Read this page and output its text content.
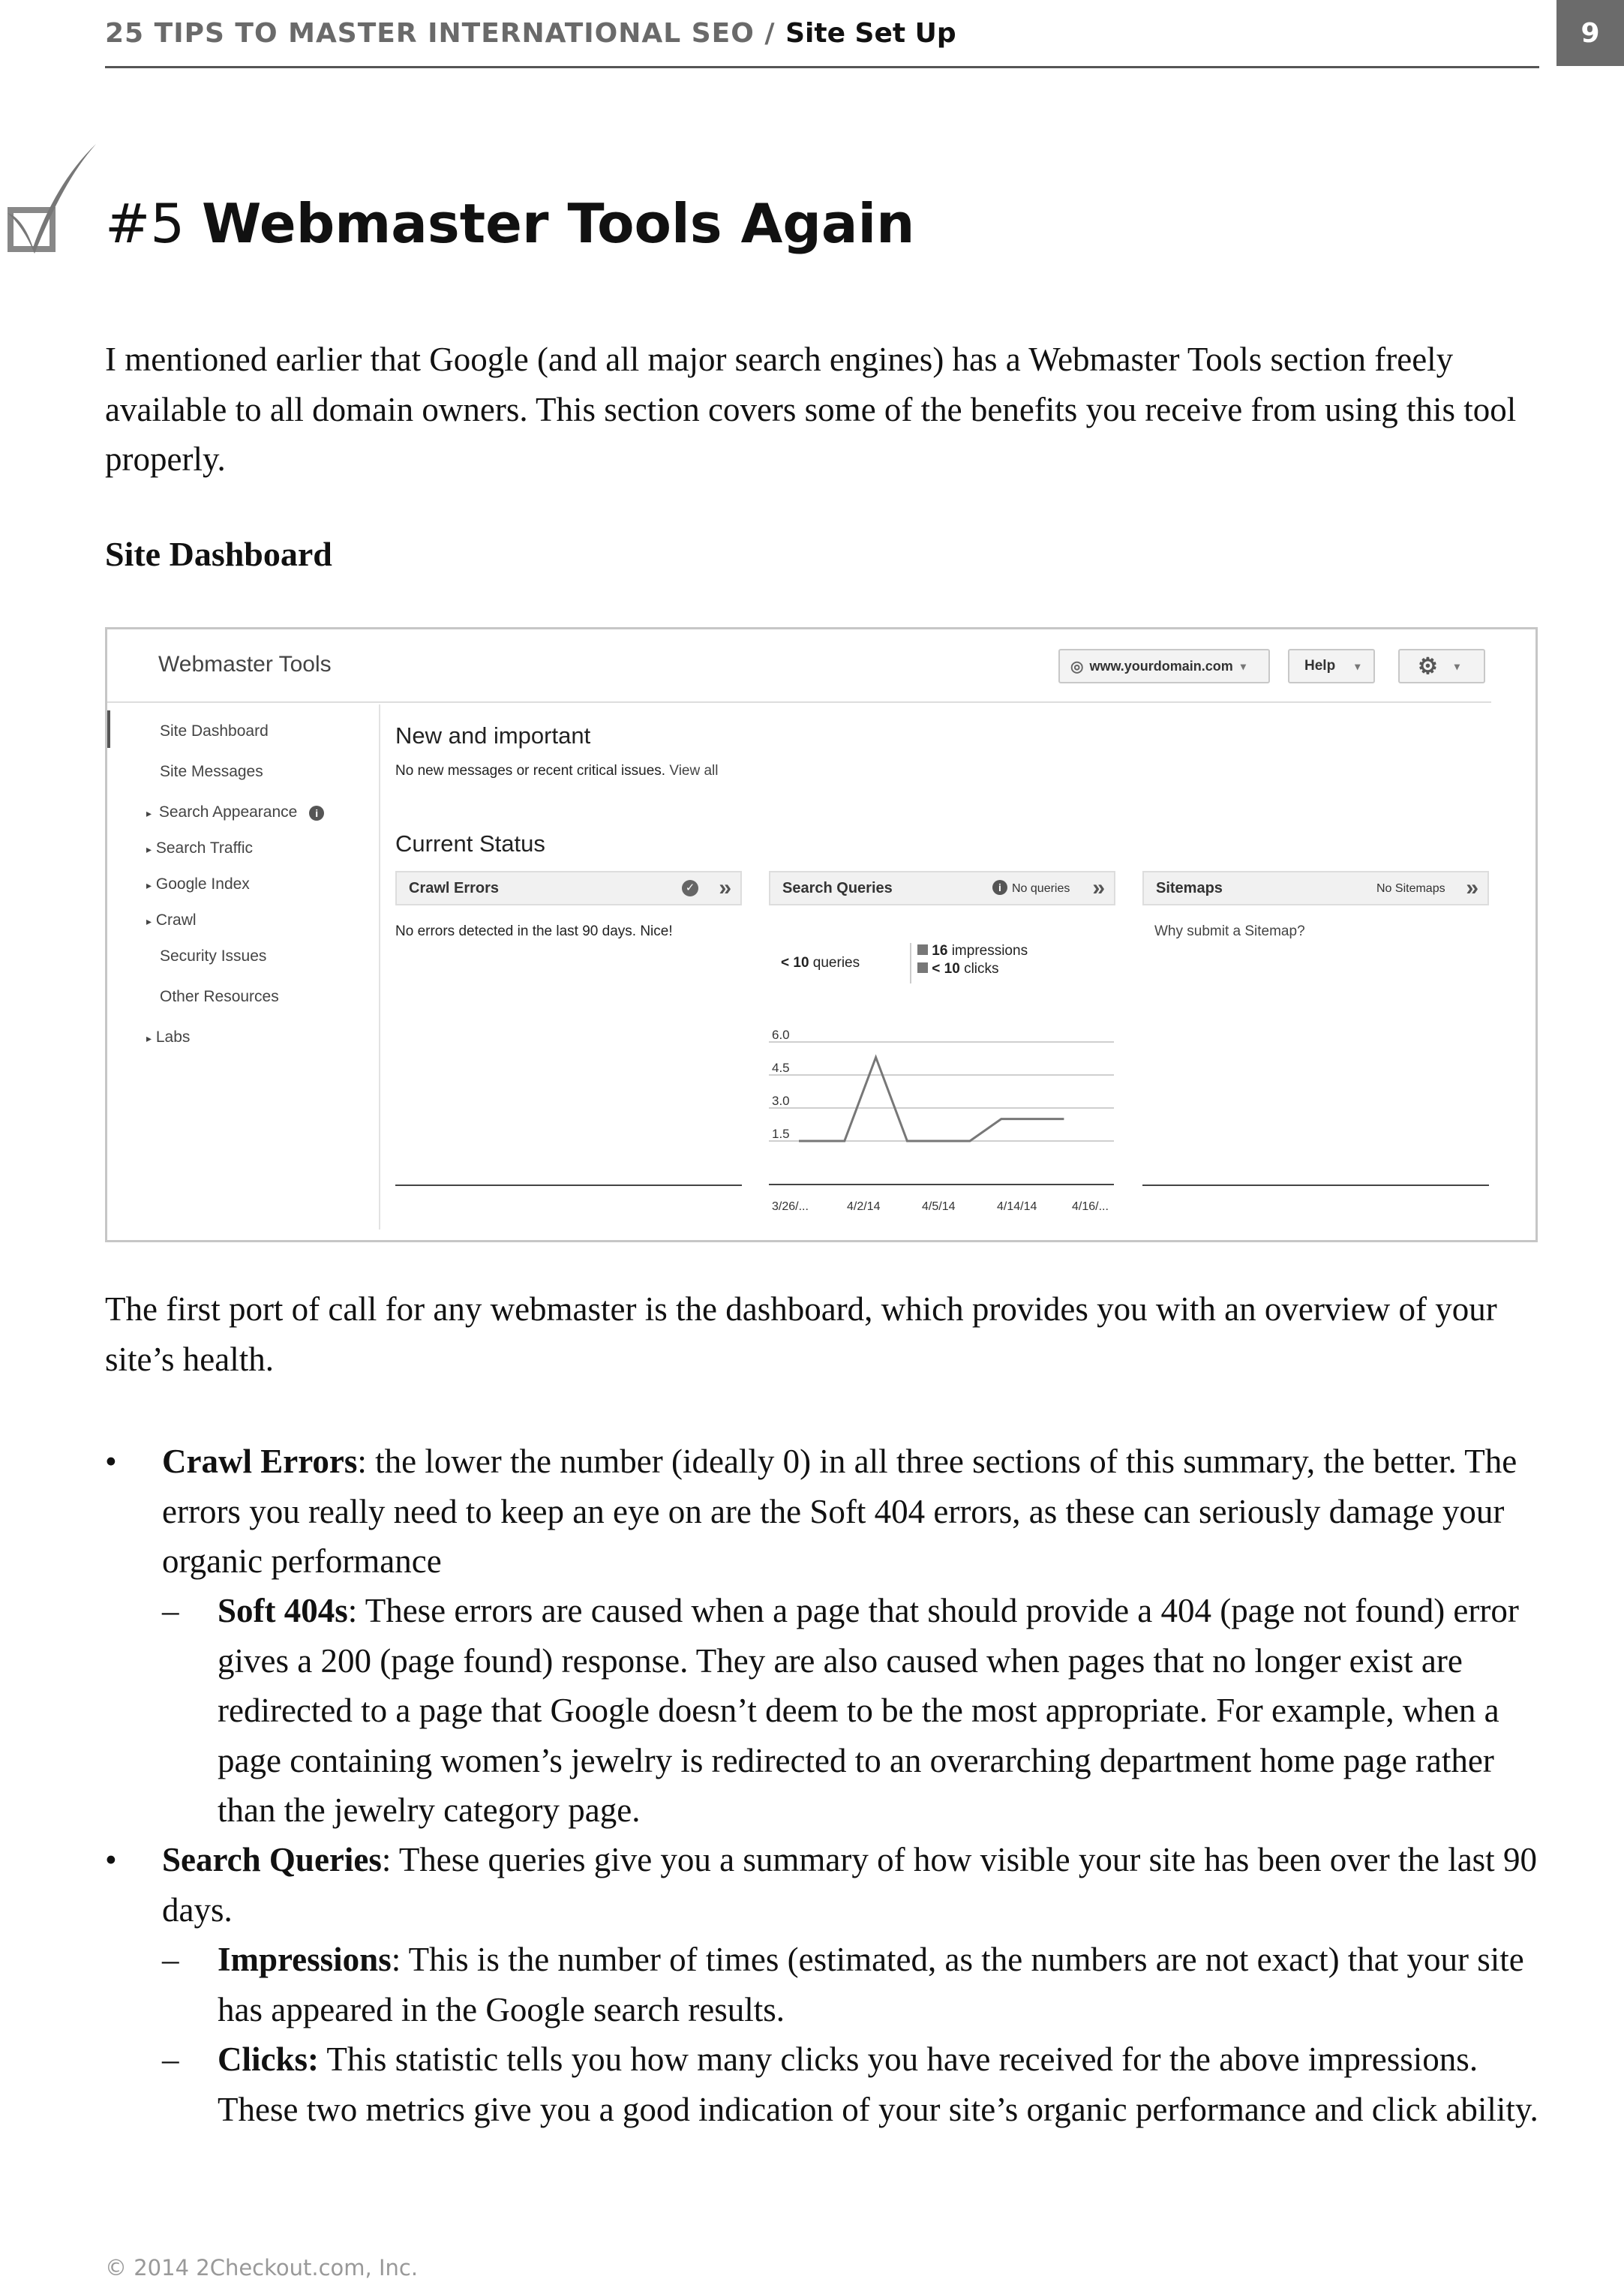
25 TIPS TO MASTER INTERNATIONAL SEO / Site Set Up	9
#5 Webmaster Tools Again

I mentioned earlier that Google (and all major search engines) has a Webmaster Tools section freely available to all domain owners. This section covers some of the benefits you receive from using this tool properly.

Site Dashboard

Webmaster Tools	◎ www.yourdomain.com ▾	Help ▾	⚙ ▾
Site Dashboard
Site Messages
▸ Search Appearance i
▸ Search Traffic
▸ Google Index
▸ Crawl
Security Issues
Other Resources
▸ Labs
New and important
No new messages or recent critical issues. View all
Current Status
Crawl Errors	✓ »
No errors detected in the last 90 days. Nice!
Search Queries	i No queries »
< 10 queries
16 impressions
< 10 clicks
6.0
4.5
3.0
1.5
3/26/...	4/2/14	4/5/14	4/14/14	4/16/...
Sitemaps	No Sitemaps »
Why submit a Sitemap?

The first port of call for any webmaster is the dashboard, which provides you with an overview of your site’s health.

• Crawl Errors: the lower the number (ideally 0) in all three sections of this summary, the better. The errors you really need to keep an eye on are the Soft 404 errors, as these can seriously damage your organic performance
– Soft 404s: These errors are caused when a page that should provide a 404 (page not found) error gives a 200 (page found) response. They are also caused when pages that no longer exist are redirected to a page that Google doesn’t deem to be the most appropriate. For example, when a page containing women’s jewelry is redirected to an overarching department home page rather than the jewelry category page.
• Search Queries: These queries give you a summary of how visible your site has been over the last 90 days.
– Impressions: This is the number of times (estimated, as the numbers are not exact) that your site has appeared in the Google search results.
– Clicks: This statistic tells you how many clicks you have received for the above impressions. These two metrics give you a good indication of your site’s organic performance and click ability.
© 2014 2Checkout.com, Inc.
